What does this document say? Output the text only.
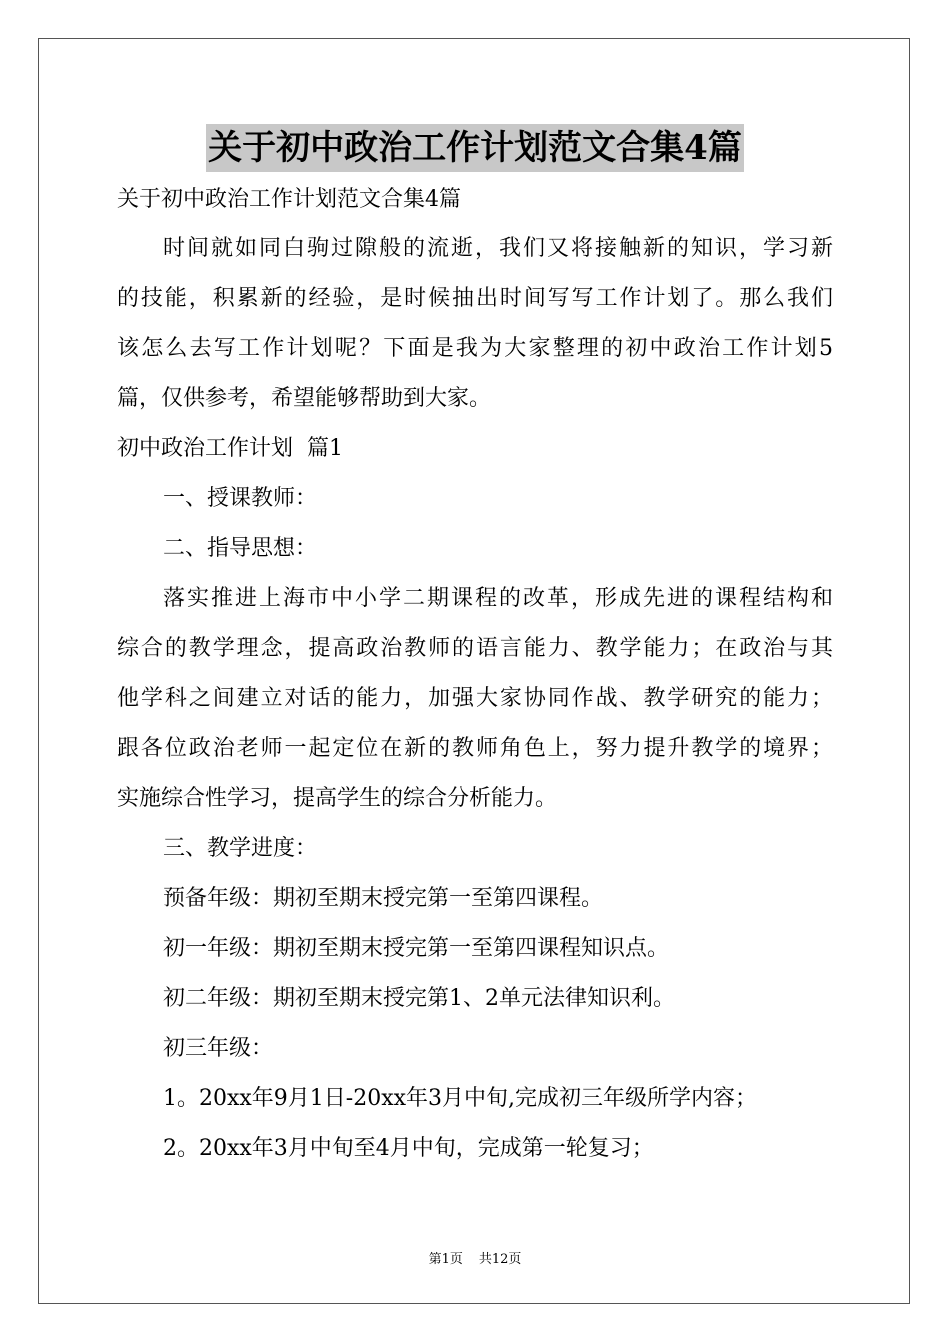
关于初中政治工作计划范文合集4篇
关于初中政治工作计划范文合集4篇
时间就如同白驹过隙般的流逝，我们又将接触新的知识，学习新
的技能，积累新的经验，是时候抽出时间写写工作计划了。那么我们
该怎么去写工作计划呢？下面是我为大家整理的初中政治工作计划5
篇，仅供参考，希望能够帮助到大家。
初中政治工作计划  篇1
一、授课教师：
二、指导思想：
落实推进上海市中小学二期课程的改革，形成先进的课程结构和
综合的教学理念，提高政治教师的语言能力、教学能力；在政治与其
他学科之间建立对话的能力，加强大家协同作战、教学研究的能力；
跟各位政治老师一起定位在新的教师角色上，努力提升教学的境界；
实施综合性学习，提高学生的综合分析能力。
三、教学进度：
预备年级：期初至期末授完第一至第四课程。
初一年级：期初至期末授完第一至第四课程知识点。
初二年级：期初至期末授完第1、2单元法律知识利。
初三年级：
1。20xx年9月1日-20xx年3月中旬,完成初三年级所学内容；
2。20xx年3月中旬至4月中旬，完成第一轮复习；
第1页 共12页
